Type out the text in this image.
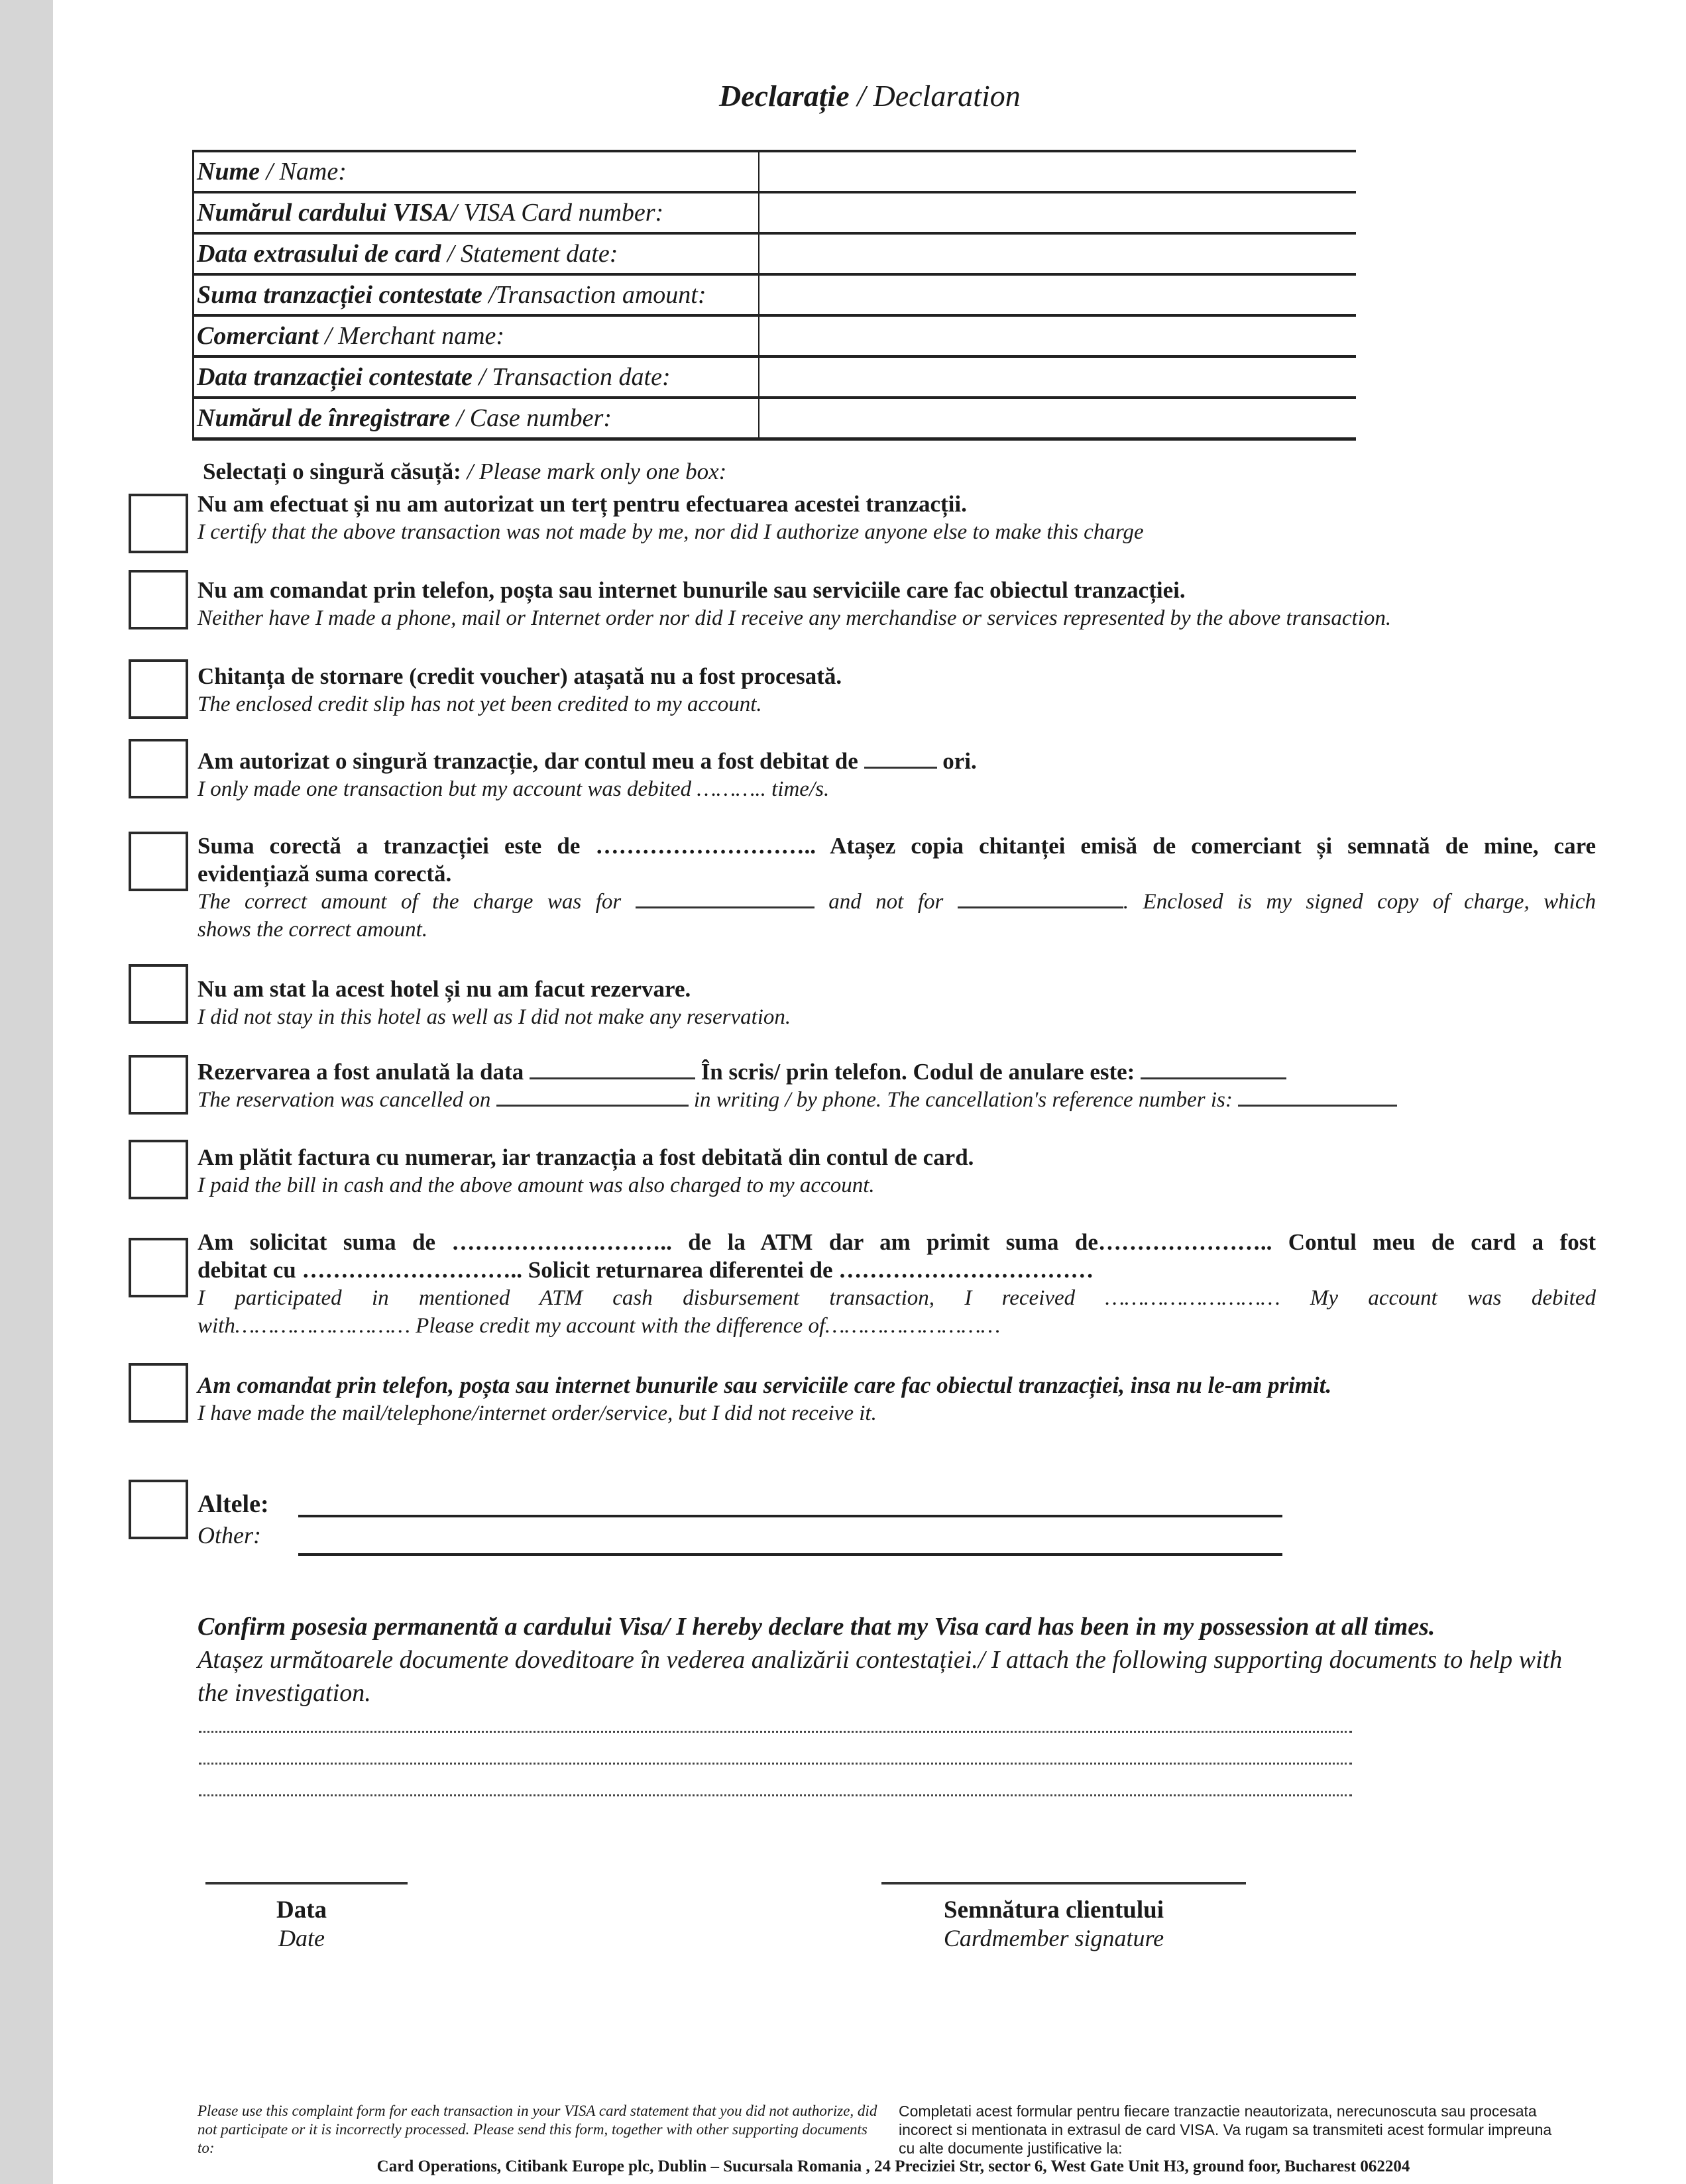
Declarație / Declaration
Nume / Name:
Numărul cardului VISA/ VISA Card number:
Data extrasului de card / Statement date:
Suma tranzacției contestate /Transaction amount:
Comerciant / Merchant name:
Data tranzacției contestate / Transaction date:
Numărul de înregistrare / Case number:
Selectați o singură căsuță: / Please mark only one box:
Nu am efectuat și nu am autorizat un terț pentru efectuarea acestei tranzacții.
I certify that the above transaction was not made by me, nor did I authorize anyone else to make this charge
Nu am comandat prin telefon, poșta sau internet bunurile sau serviciile care fac obiectul tranzacției.
Neither have I made a phone, mail or Internet order nor did I receive any merchandise or services represented by the above transaction.
Chitanța de stornare (credit voucher) atașată nu a fost procesată.
The enclosed credit slip has not yet been credited to my account.
Am autorizat o singură tranzacție, dar contul meu a fost debitat de	ori.
I only made one transaction but my account was debited ……….. time/s.
Suma corectă a tranzacției este de ……………………….. Atașez copia chitanței emisă de comerciant și semnată de mine, care
evidențiază suma corectă.
The correct amount of the charge was for	and not for	. Enclosed is my signed copy of charge, which
shows the correct amount.
Nu am stat la acest hotel și nu am facut rezervare.
I did not stay in this hotel as well as I did not make any reservation.
Rezervarea a fost anulată la data	În scris/ prin telefon. Codul de anulare este:
The reservation was cancelled on	in writing / by phone. The cancellation's reference number is:
Am plătit factura cu numerar, iar tranzacția a fost debitată din contul de card.
I paid the bill in cash and the above amount was also charged to my account.
Am solicitat suma de ……………………….. de la ATM dar am primit suma de………………….. Contul meu de card a fost
debitat cu ……………………….. Solicit returnarea diferentei de ……………………………
I participated in mentioned ATM cash disbursement transaction, I received ……………………… My account was debited
with……………………… Please credit my account with the difference of………………………
Am comandat prin telefon, poșta sau internet bunurile sau serviciile care fac obiectul tranzacției, insa nu le-am primit.
I have made the mail/telephone/internet order/service, but I did not receive it.
Altele:
Other:
Confirm posesia permanentă a cardului Visa/ I hereby declare that my Visa card has been in my possession at all times.
Atașez următoarele documente doveditoare în vederea analizării contestației./ I attach the following supporting documents to help with the investigation.
Data
Date
Semnătura clientului
Cardmember signature
Please use this complaint form for each transaction in your VISA card statement that you did not authorize, did not participate or it is incorrectly processed. Please send this form, together with other supporting documents to:
Completati acest formular pentru fiecare tranzactie neautorizata, nerecunoscuta sau procesata incorect si mentionata in extrasul de card VISA. Va rugam sa transmiteti acest formular impreuna cu alte documente justificative la:
Card Operations, Citibank Europe plc, Dublin – Sucursala Romania , 24 Preciziei Str, sector 6, West Gate Unit H3, ground foor, Bucharest 062204
